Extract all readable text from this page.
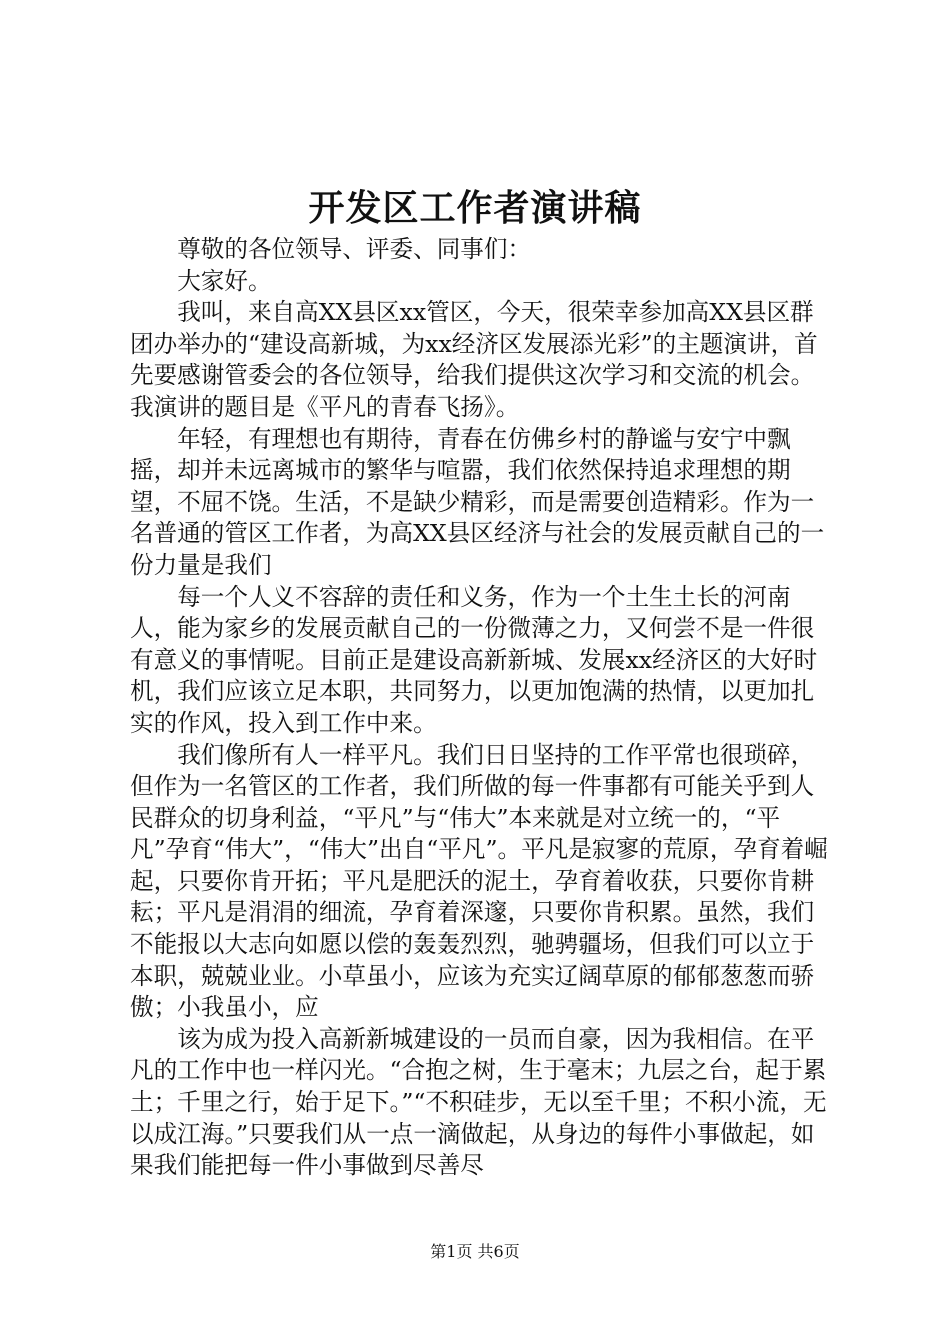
开发区工作者演讲稿

尊敬的各位领导、评委、同事们：

大家好。

我叫，来自高XX县区xx管区，今天，很荣幸参加高XX县区群团办举办的“建设高新城，为xx经济区发展添光彩”的主题演讲，首先要感谢管委会的各位领导，给我们提供这次学习和交流的机会。我演讲的题目是《平凡的青春飞扬》。

年轻，有理想也有期待，青春在仿佛乡村的静谧与安宁中飘摇，却并未远离城市的繁华与喧嚣，我们依然保持追求理想的期望，不屈不饶。生活，不是缺少精彩，而是需要创造精彩。作为一名普通的管区工作者，为高XX县区经济与社会的发展贡献自己的一份力量是我们

每一个人义不容辞的责任和义务，作为一个土生土长的河南人，能为家乡的发展贡献自己的一份微薄之力，又何尝不是一件很有意义的事情呢。目前正是建设高新新城、发展xx经济区的大好时机，我们应该立足本职，共同努力，以更加饱满的热情，以更加扎实的作风，投入到工作中来。

我们像所有人一样平凡。我们日日坚持的工作平常也很琐碎，但作为一名管区的工作者，我们所做的每一件事都有可能关乎到人民群众的切身利益，“平凡”与“伟大”本来就是对立统一的，“平凡”孕育“伟大”，“伟大”出自“平凡”。平凡是寂寥的荒原，孕育着崛起，只要你肯开拓；平凡是肥沃的泥土，孕育着收获，只要你肯耕耘；平凡是涓涓的细流，孕育着深邃，只要你肯积累。虽然，我们不能报以大志向如愿以偿的轰轰烈烈，驰骋疆场，但我们可以立于本职，兢兢业业。小草虽小，应该为充实辽阔草原的郁郁葱葱而骄傲；小我虽小，应

该为成为投入高新新城建设的一员而自豪，因为我相信。在平凡的工作中也一样闪光。“合抱之树，生于毫末；九层之台，起于累土；千里之行，始于足下。”“不积硅步，无以至千里；不积小流，无以成江海。”只要我们从一点一滴做起，从身边的每件小事做起，如果我们能把每一件小事做到尽善尽

第1页 共6页
